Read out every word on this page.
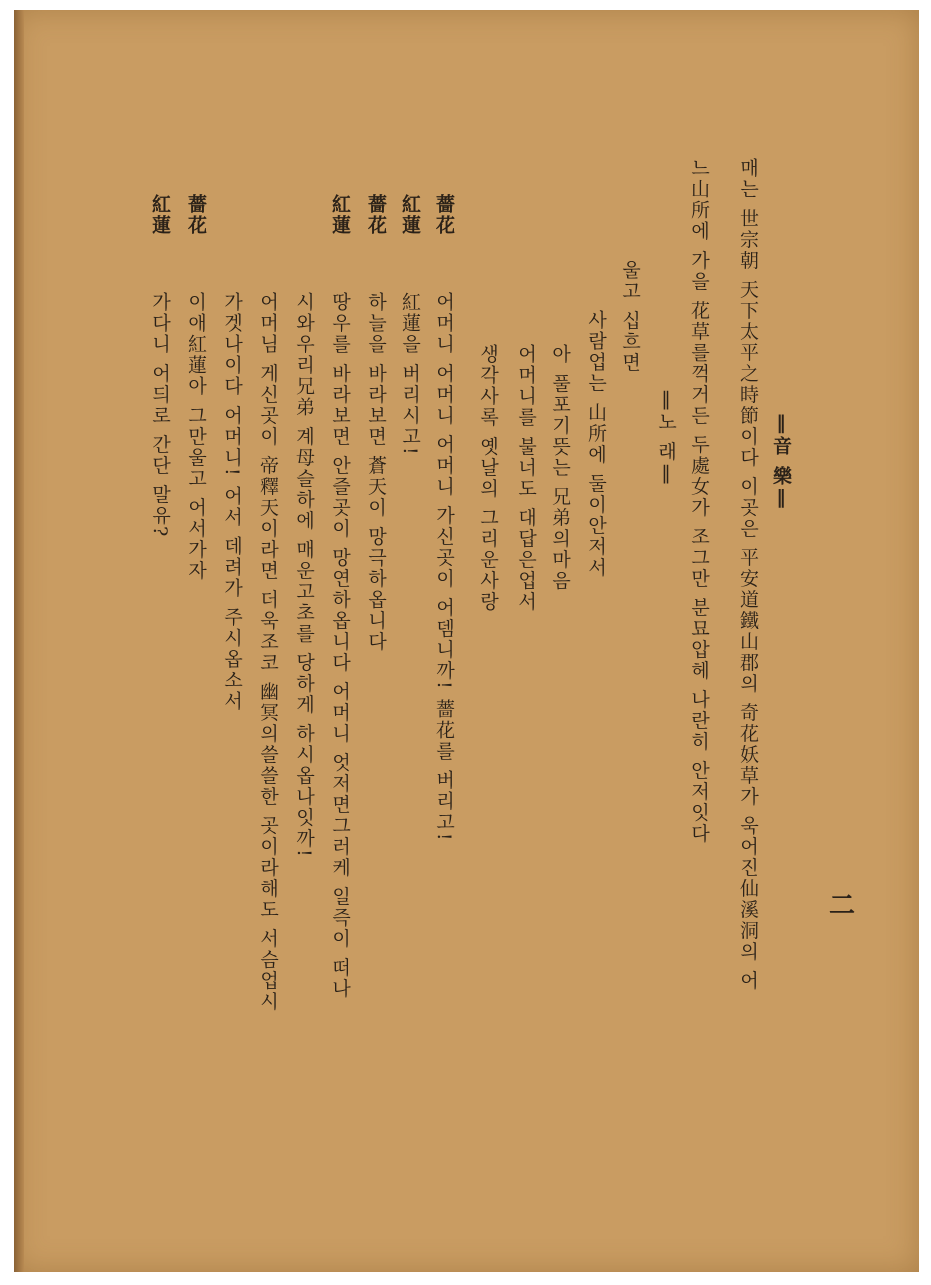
매는 世宗朝 天下太平之時節이다 이곳은 平安道鐵山郡의 奇花妖草가 욱어진仙溪洞의 어
느山所에 가을 花草를꺽거든 두處女가 조그만 분묘압헤 나란히 안저잇다	‖音 樂‖
‖노 래‖
울고 십흐면
사람업는 山所에 둘이안저서
아 풀포기뜻는 兄弟의마음
어머니를 불너도 대답은업서
생각사록 옛날의 그리운사랑
薔花
어머니 어머니 어머니 가신곳이 어뎀니까! 薔花를 버리고!
紅蓮
紅蓮을 버리시고!
薔花
하늘을 바라보면 蒼天이 망극하옵니다
紅蓮
땅우를 바라보면 안즐곳이 망연하옵니다 어머니 엇저면그러케 일즉이 떠나
시와우리兄弟 계母슬하에 매운고초를 당하게 하시옵나잇까!
어머님 게신곳이 帝釋天이라면 더욱조코 幽冥의쓸쓸한 곳이라해도 서슴업시
가겟나이다 어머니! 어서 데려가 주시옵소서
薔花
이애紅蓮아 그만울고 어서가자
紅蓮
가다니 어듸로 간단 말유?
二
